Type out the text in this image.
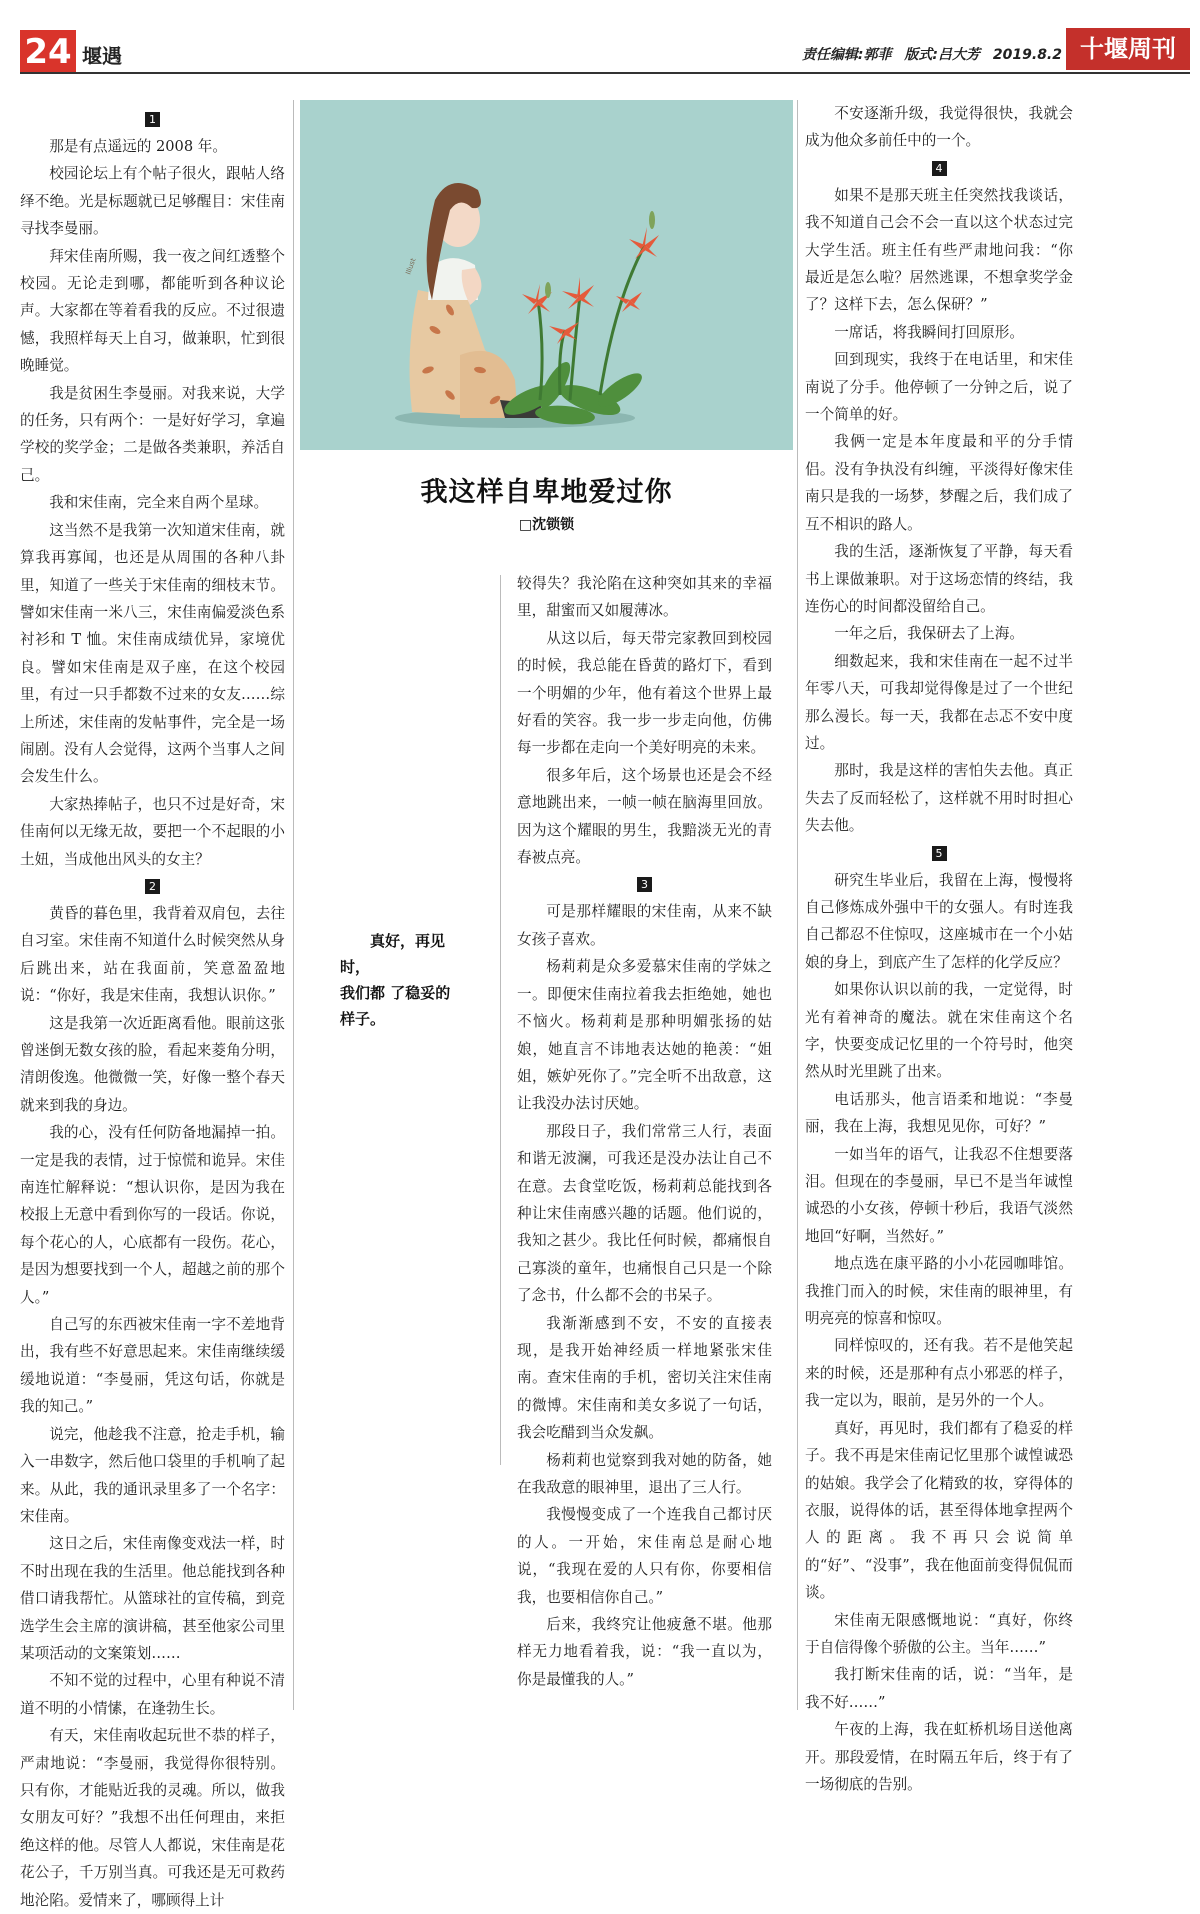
24 堰遇	责任编辑:郭菲 版式:吕大芳 2019.8.2 十堰周刊
1

那是有点遥远的 2008 年。

校园论坛上有个帖子很火，跟帖人络绎不绝。光是标题就已足够醒目：宋佳南寻找李曼丽。

拜宋佳南所赐，我一夜之间红透整个校园。无论走到哪，都能听到各种议论声。大家都在等着看我的反应。不过很遗憾，我照样每天上自习，做兼职，忙到很晚睡觉。

我是贫困生李曼丽。对我来说，大学的任务，只有两个：一是好好学习，拿遍学校的奖学金；二是做各类兼职，养活自己。

我和宋佳南，完全来自两个星球。

这当然不是我第一次知道宋佳南，就算我再寡闻，也还是从周围的各种八卦里，知道了一些关于宋佳南的细枝末节。譬如宋佳南一米八三，宋佳南偏爱淡色系衬衫和 T 恤。宋佳南成绩优异，家境优良。譬如宋佳南是双子座，在这个校园里，有过一只手都数不过来的女友……综上所述，宋佳南的发帖事件，完全是一场闹剧。没有人会觉得，这两个当事人之间会发生什么。

大家热捧帖子，也只不过是好奇，宋佳南何以无缘无故，要把一个不起眼的小土妞，当成他出风头的女主？

2

黄昏的暮色里，我背着双肩包，去往自习室。宋佳南不知道什么时候突然从身后跳出来，站在我面前，笑意盈盈地说：“你好，我是宋佳南，我想认识你。”

这是我第一次近距离看他。眼前这张曾迷倒无数女孩的脸，看起来菱角分明，清朗俊逸。他微微一笑，好像一整个春天就来到我的身边。

我的心，没有任何防备地漏掉一拍。一定是我的表情，过于惊慌和诡异。宋佳南连忙解释说：“想认识你，是因为我在校报上无意中看到你写的一段话。你说，每个花心的人，心底都有一段伤。花心，是因为想要找到一个人，超越之前的那个人。”

自己写的东西被宋佳南一字不差地背出，我有些不好意思起来。宋佳南继续缓缓地说道：“李曼丽，凭这句话，你就是我的知己。”

说完，他趁我不注意，抢走手机，输入一串数字，然后他口袋里的手机响了起来。从此，我的通讯录里多了一个名字：宋佳南。

这日之后，宋佳南像变戏法一样，时不时出现在我的生活里。他总能找到各种借口请我帮忙。从篮球社的宣传稿，到竞选学生会主席的演讲稿，甚至他家公司里某项活动的文案策划……

不知不觉的过程中，心里有种说不清道不明的小情愫，在逢勃生长。

有天，宋佳南收起玩世不恭的样子，严肃地说：“李曼丽，我觉得你很特别。只有你，才能贴近我的灵魂。所以，做我女朋友可好？”我想不出任何理由，来拒绝这样的他。尽管人人都说，宋佳南是花花公子，千万别当真。可我还是无可救药地沦陷。爱情来了，哪顾得上计

Illust
我这样自卑地爱过你
□沈锁锁
真好，再见时，
我们都 了稳妥的
样子。

较得失？我沦陷在这种突如其来的幸福里，甜蜜而又如履薄冰。

从这以后，每天带完家教回到校园的时候，我总能在昏黄的路灯下，看到一个明媚的少年，他有着这个世界上最好看的笑容。我一步一步走向他，仿佛每一步都在走向一个美好明亮的未来。

很多年后，这个场景也还是会不经意地跳出来，一帧一帧在脑海里回放。因为这个耀眼的男生，我黯淡无光的青春被点亮。

3

可是那样耀眼的宋佳南，从来不缺女孩子喜欢。

杨莉莉是众多爱慕宋佳南的学妹之一。即便宋佳南拉着我去拒绝她，她也不恼火。杨莉莉是那种明媚张扬的姑娘，她直言不讳地表达她的艳羡：“姐姐，嫉妒死你了。”完全听不出敌意，这让我没办法讨厌她。

那段日子，我们常常三人行，表面和谐无波澜，可我还是没办法让自己不在意。去食堂吃饭，杨莉莉总能找到各种让宋佳南感兴趣的话题。他们说的，我知之甚少。我比任何时候，都痛恨自己寡淡的童年，也痛恨自己只是一个除了念书，什么都不会的书呆子。

我渐渐感到不安，不安的直接表现，是我开始神经质一样地紧张宋佳南。查宋佳南的手机，密切关注宋佳南的微博。宋佳南和美女多说了一句话，我会吃醋到当众发飙。

杨莉莉也觉察到我对她的防备，她在我敌意的眼神里，退出了三人行。

我慢慢变成了一个连我自己都讨厌的人。一开始，宋佳南总是耐心地说，“我现在爱的人只有你，你要相信我，也要相信你自己。”

后来，我终究让他疲惫不堪。他那样无力地看着我，说：“我一直以为，你是最懂我的人。”

不安逐渐升级，我觉得很快，我就会成为他众多前任中的一个。

4

如果不是那天班主任突然找我谈话，我不知道自己会不会一直以这个状态过完大学生活。班主任有些严肃地问我：“你最近是怎么啦？居然逃课，不想拿奖学金了？这样下去，怎么保研？”

一席话，将我瞬间打回原形。

回到现实，我终于在电话里，和宋佳南说了分手。他停顿了一分钟之后，说了一个简单的好。

我俩一定是本年度最和平的分手情侣。没有争执没有纠缠，平淡得好像宋佳南只是我的一场梦，梦醒之后，我们成了互不相识的路人。

我的生活，逐渐恢复了平静，每天看书上课做兼职。对于这场恋情的终结，我连伤心的时间都没留给自己。

一年之后，我保研去了上海。

细数起来，我和宋佳南在一起不过半年零八天，可我却觉得像是过了一个世纪那么漫长。每一天，我都在忐忑不安中度过。

那时，我是这样的害怕失去他。真正失去了反而轻松了，这样就不用时时担心失去他。

5

研究生毕业后，我留在上海，慢慢将自己修炼成外强中干的女强人。有时连我自己都忍不住惊叹，这座城市在一个小姑娘的身上，到底产生了怎样的化学反应？

如果你认识以前的我，一定觉得，时光有着神奇的魔法。就在宋佳南这个名字，快要变成记忆里的一个符号时，他突然从时光里跳了出来。

电话那头，他言语柔和地说：“李曼丽，我在上海，我想见见你，可好？”

一如当年的语气，让我忍不住想要落泪。但现在的李曼丽，早已不是当年诚惶诚恐的小女孩，停顿十秒后，我语气淡然地回“好啊，当然好。”

地点选在康平路的小小花园咖啡馆。我推门而入的时候，宋佳南的眼神里，有明亮亮的惊喜和惊叹。

同样惊叹的，还有我。若不是他笑起来的时候，还是那种有点小邪恶的样子，我一定以为，眼前，是另外的一个人。

真好，再见时，我们都有了稳妥的样子。我不再是宋佳南记忆里那个诚惶诚恐的姑娘。我学会了化精致的妆，穿得体的衣服，说得体的话，甚至得体地拿捏两个人的距离。我不再只会说简单的“好”、“没事”，我在他面前变得侃侃而谈。

宋佳南无限感慨地说：“真好，你终于自信得像个骄傲的公主。当年……”

我打断宋佳南的话，说：“当年，是我不好……”

午夜的上海，我在虹桥机场目送他离开。那段爱情，在时隔五年后，终于有了一场彻底的告别。
